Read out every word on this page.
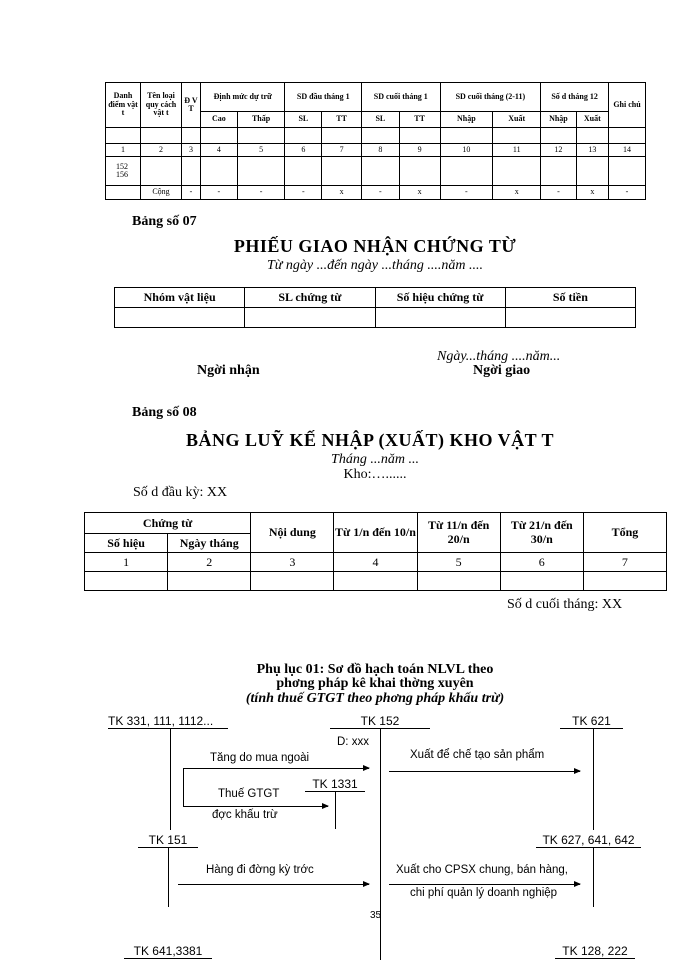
Danh điểm vật t	Tên loại quy cách vật t	Đ V T	Định mức dự trữ		SD đầu tháng 1		SD cuối tháng 1		SD cuối tháng (2-11)		Số d tháng 12		Ghi chú
			Cao	Thấp	SL	TT	SL	TT	Nhập	Xuất	Nhập	Xuất	

1	2	3	4	5	6	7	8	9	10	11	12	13	14

152
156													

	Cộng	-	-	-	-	x	-	x	-	x	-	x	-
Bảng số 07
PHIẾU GIAO NHẬN CHỨNG TỪ
Từ ngày ...đến ngày ...tháng ....năm ....
Nhóm vật liệu	SL chứng từ	Số hiệu chứng từ	Số tiền

Ngày...tháng ....năm...
Ngời nhận	Ngời giao
Bảng số 08
BẢNG LUỸ KẾ NHẬP (XUẤT) KHO VẬT T
Tháng ...năm ...
Kho:…......
Số d đầu kỳ: XX
Chứng từ		Nội dung	Từ 1/n đến 10/n	Từ 11/n đến 20/n	Từ 21/n đến 30/n	Tổng
Số hiệu	Ngày tháng					
1	2	3	4	5	6	7

Số d cuối tháng: XX
Phụ lục 01: Sơ đồ hạch toán NLVL theo
phơng pháp kê khai thờng xuyên
(tính thuế GTGT theo phơng pháp khấu trừ)
TK 331, 111, 1112...	TK 152	TK 621
D: xxx
Tăng do mua ngoài
TK 1331
Thuế GTGT
đợc khấu trừ
Xuất để chế tạo sản phẩm
TK 151	TK 627, 641, 642
Hàng đi đờng kỳ trớc	Xuất cho CPSX chung, bán hàng,
chi phí quản lý doanh nghiệp
35
TK 641,3381	TK 128, 222
